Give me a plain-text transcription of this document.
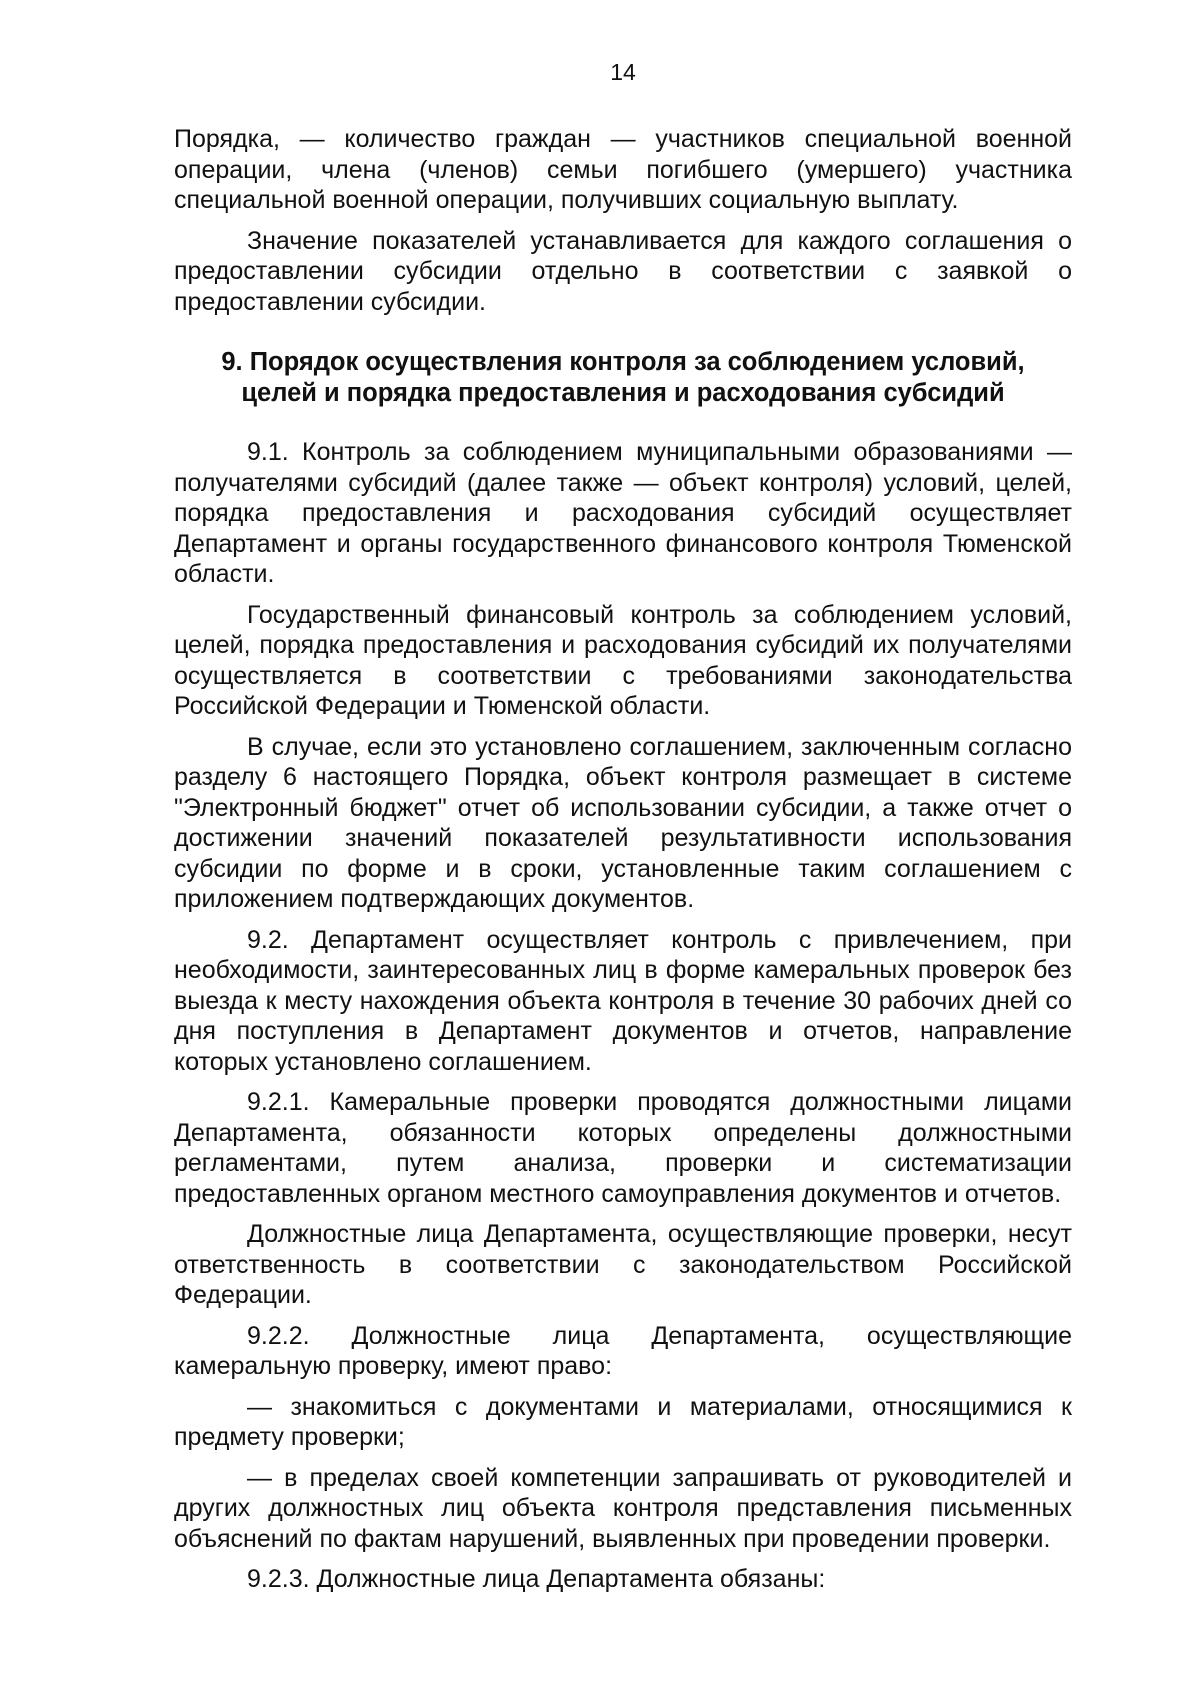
14

Порядка, — количество граждан — участников специальной военной операции, члена (членов) семьи погибшего (умершего) участника специальной военной операции, получивших социальную выплату.

Значение показателей устанавливается для каждого соглашения о предоставлении субсидии отдельно в соответствии с заявкой о предоставлении субсидии.

9. Порядок осуществления контроля за соблюдением условий,
целей и порядка предоставления и расходования субсидий

9.1. Контроль за соблюдением муниципальными образованиями — получателями субсидий (далее также — объект контроля) условий, целей, порядка предоставления и расходования субсидий осуществляет Департамент и органы государственного финансового контроля Тюменской области.

Государственный финансовый контроль за соблюдением условий, целей, порядка предоставления и расходования субсидий их получателями осуществляется в соответствии с требованиями законодательства Российской Федерации и Тюменской области.

В случае, если это установлено соглашением, заключенным согласно разделу 6 настоящего Порядка, объект контроля размещает в системе "Электронный бюджет" отчет об использовании субсидии, а также отчет о достижении значений показателей результативности использования субсидии по форме и в сроки, установленные таким соглашением с приложением подтверждающих документов.

9.2. Департамент осуществляет контроль с привлечением, при необходимости, заинтересованных лиц в форме камеральных проверок без выезда к месту нахождения объекта контроля в течение 30 рабочих дней со дня поступления в Департамент документов и отчетов, направление которых установлено соглашением.

9.2.1. Камеральные проверки проводятся должностными лицами Департамента, обязанности которых определены должностными регламентами, путем анализа, проверки и систематизации предоставленных органом местного самоуправления документов и отчетов.

Должностные лица Департамента, осуществляющие проверки, несут ответственность в соответствии с законодательством Российской Федерации.

9.2.2. Должностные лица Департамента, осуществляющие камеральную проверку, имеют право:

— знакомиться с документами и материалами, относящимися к предмету проверки;

— в пределах своей компетенции запрашивать от руководителей и других должностных лиц объекта контроля представления письменных объяснений по фактам нарушений, выявленных при проведении проверки.

9.2.3. Должностные лица Департамента обязаны:
